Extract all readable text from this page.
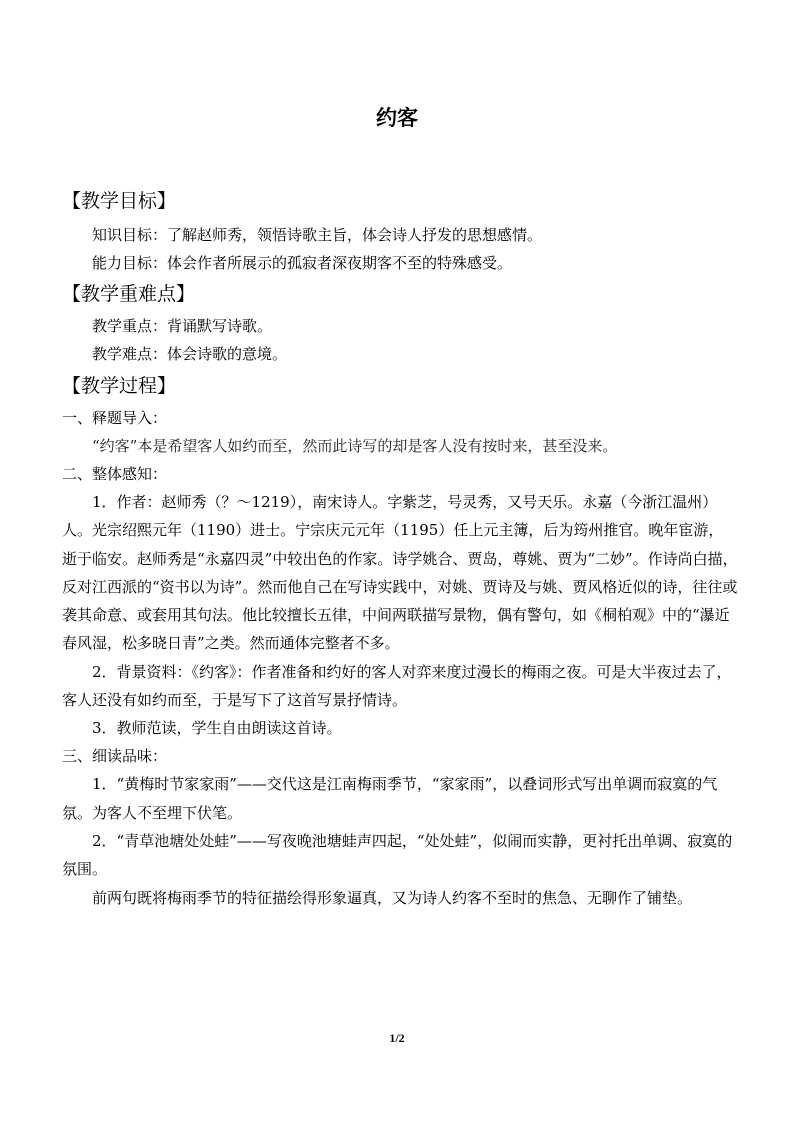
约客
【教学目标】

知识目标：了解赵师秀，领悟诗歌主旨，体会诗人抒发的思想感情。

能力目标：体会作者所展示的孤寂者深夜期客不至的特殊感受。

【教学重难点】

教学重点：背诵默写诗歌。

教学难点：体会诗歌的意境。

【教学过程】

一、释题导入：

“约客”本是希望客人如约而至，然而此诗写的却是客人没有按时来，甚至没来。

二、整体感知：

1．作者：赵师秀（？～1219），南宋诗人。字紫芝，号灵秀，又号天乐。永嘉（今浙江温州）人。光宗绍熙元年（1190）进士。宁宗庆元元年（1195）任上元主簿，后为筠州推官。晚年宦游，逝于临安。赵师秀是“永嘉四灵”中较出色的作家。诗学姚合、贾岛，尊姚、贾为“二妙”。作诗尚白描，反对江西派的“资书以为诗”。然而他自己在写诗实践中，对姚、贾诗及与姚、贾风格近似的诗，往往或袭其命意、或套用其句法。他比较擅长五律，中间两联描写景物，偶有警句，如《桐柏观》中的“瀑近春风湿，松多晓日青”之类。然而通体完整者不多。

2．背景资料：《约客》：作者准备和约好的客人对弈来度过漫长的梅雨之夜。可是大半夜过去了，客人还没有如约而至，于是写下了这首写景抒情诗。

3．教师范读，学生自由朗读这首诗。

三、细读品味：

1．“黄梅时节家家雨”——交代这是江南梅雨季节，“家家雨”，以叠词形式写出单调而寂寞的气氛。为客人不至埋下伏笔。

2．“青草池塘处处蛙”——写夜晚池塘蛙声四起，“处处蛙”，似闹而实静，更衬托出单调、寂寞的氛围。

前两句既将梅雨季节的特征描绘得形象逼真，又为诗人约客不至时的焦急、无聊作了铺垫。

1/2
